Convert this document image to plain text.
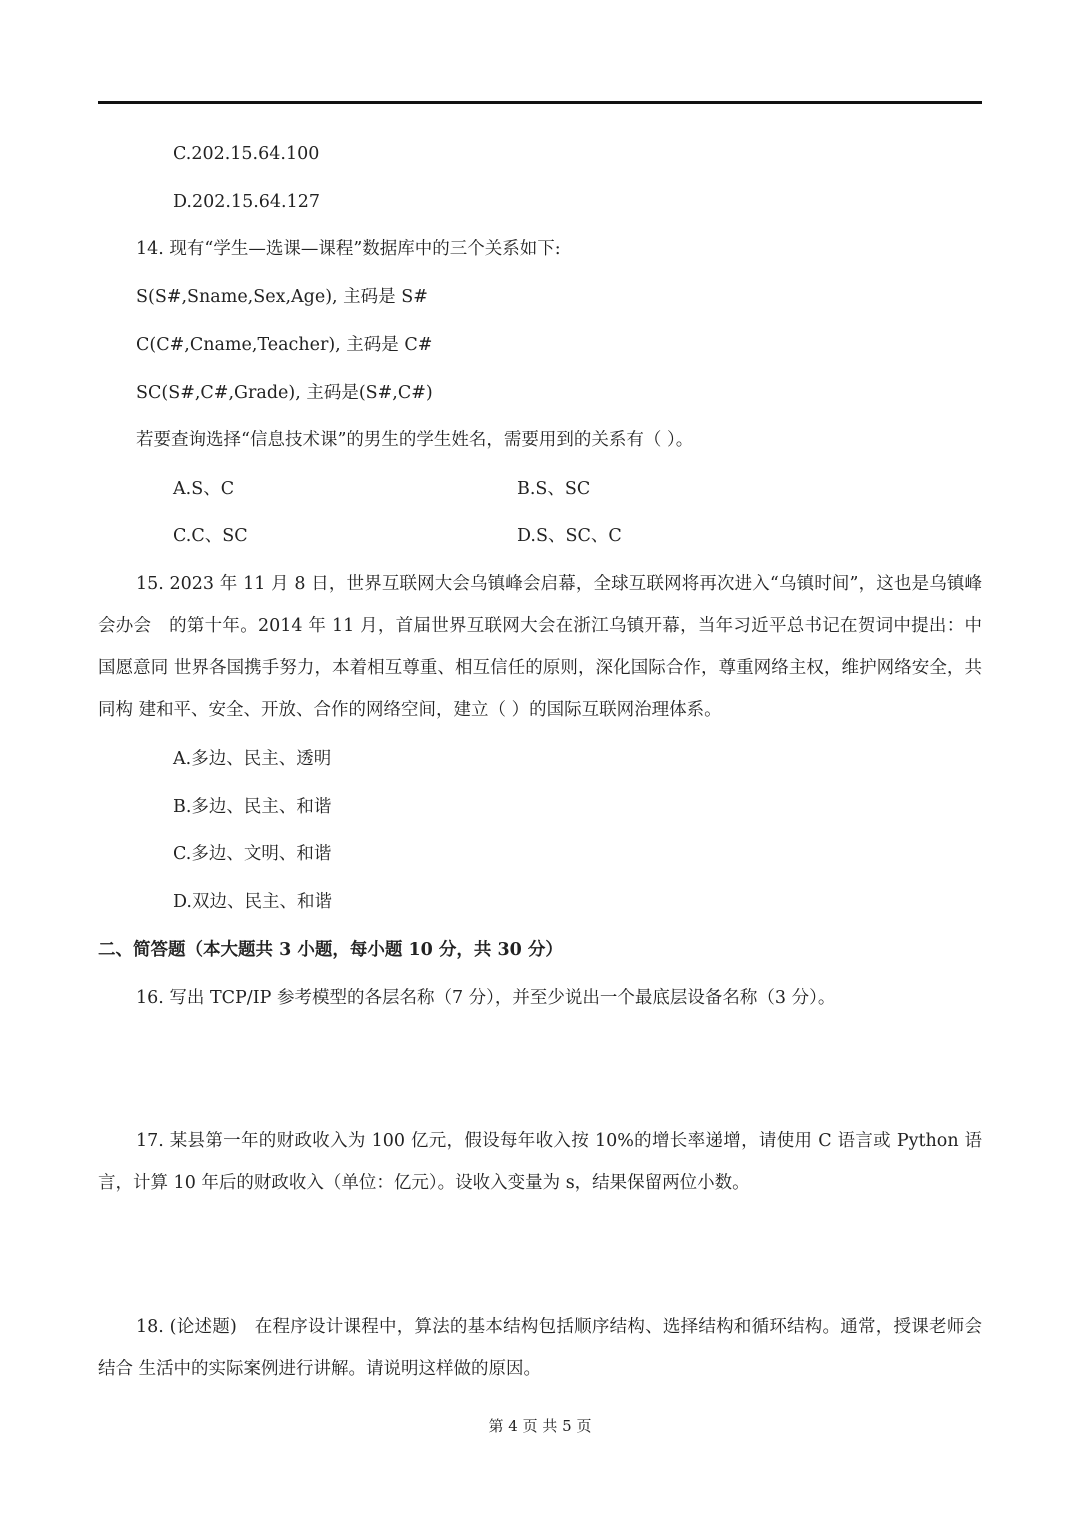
C.202.15.64.100
D.202.15.64.127
14. 现有“学生—选课—课程”数据库中的三个关系如下:
S(S#,Sname,Sex,Age), 主码是 S#
C(C#,Cname,Teacher), 主码是 C#
SC(S#,C#,Grade), 主码是(S#,C#)
若要查询选择“信息技术课”的男生的学生姓名，需要用到的关系有（ ）。
A.S、C	B.S、SC
C.C、SC	D.S、SC、C
15. 2023 年 11 月 8 日，世界互联网大会乌镇峰会启幕，全球互联网将再次进入“乌镇时间”，这也是乌镇峰会办会　的第十年。2014 年 11 月，首届世界互联网大会在浙江乌镇开幕，当年习近平总书记在贺词中提出：中国愿意同 世界各国携手努力，本着相互尊重、相互信任的原则，深化国际合作，尊重网络主权，维护网络安全，共同构 建和平、安全、开放、合作的网络空间，建立（ ）的国际互联网治理体系。
A.多边、民主、透明
B.多边、民主、和谐
C.多边、文明、和谐
D.双边、民主、和谐
二、简答题（本大题共 3 小题，每小题 10 分，共 30 分）
16. 写出 TCP/IP 参考模型的各层名称（7 分），并至少说出一个最底层设备名称（3 分）。
17. 某县第一年的财政收入为 100 亿元，假设每年收入按 10%的增长率递增，请使用 C 语言或 Python 语 言，计算 10 年后的财政收入（单位：亿元）。设收入变量为 s，结果保留两位小数。
18. (论述题)　在程序设计课程中，算法的基本结构包括顺序结构、选择结构和循环结构。通常，授课老师会结合 生活中的实际案例进行讲解。请说明这样做的原因。
第 4 页 共 5 页
